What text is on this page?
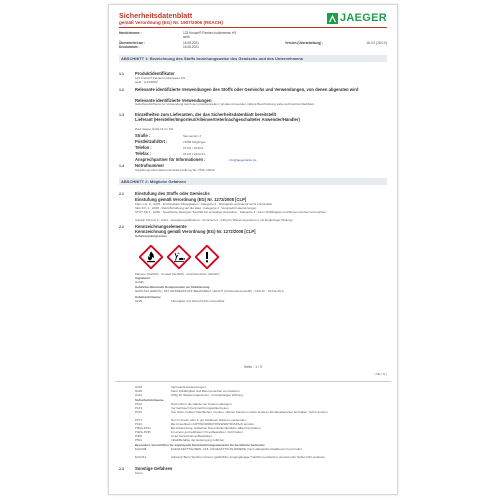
Sicherheitsdatenblatt
gemäß Verordnung (EG) Nr. 1907/2006 (REACH)	JAEGER
Handelsname :	123 Knowe® Flecken-Isolierweiss HS
weiß
Überarbeitet am :	16.08.2021	Version (Überarbeitung) :	16.0.0 (15.0.0)
Druckdatum :	16.08.2021
ABSCHNITT 1: Bezeichnung des Stoffs beziehungsweise des Gemischs und des Unternehmens
1.1	Produktidentifikator
123 Knowe® Flecken-Isolierweiss HS
weiß · (1234090)
1.2	Relevante identifizierte Verwendungen des Stoffs oder Gemischs und Verwendungen, von denen abgeraten wird
Relevante identifizierte Verwendungen
Isolierbeschichtung zur Verwendung durch den professionellen / privaten Anwender, nähere Beschreibung siehe technisches Merkblatt.
1.3	Einzelheiten zum Lieferanten, der das Sicherheitsdatenblatt bereitstellt
Lieferant (Hersteller/Importeur/Alleinvertreter/nachgeschalteter Anwender/Händler)
Paul Jaeger GmbH & Co KG
Straße :	Siemensstr. 6
Postleitzahl/Ort :	71696 Möglingen
Telefon :	07141 / 2444-0
Telefax :	07141 / 2444-44
Ansprechpartner für Informationen :	info@jaegerlacke.de
1.4	Notrufnummer
Vergiftungs-Informations-Zentrale Freiburg Tel. 0761/ 19240
ABSCHNITT 2: Mögliche Gefahren
2.1	Einstufung des Stoffs oder Gemischs
Einstufung gemäß Verordnung (EG) Nr. 1272/2008 [CLP]
Flam. Liq. 2 ; H225 - Entzündbare Flüssigkeiten : Kategorie 2 ; Flüssigkeit und Dampf leicht entzündbar.
Skin Irrit. 2 ; H315 - Reizt/Ätzwirkung auf die Haut : Kategorie 2 ; Verursacht Hautreizungen.
STOT SE 3 ; H336 - Spezifische Zielorgan-Toxizität bei einmaliger Exposition : Kategorie 3 ; Kann Schläfrigkeit und Benommenheit verursachen.
Aquatic Chronic 2 ; H411 - Gewässergefährdend : Chronisch 2 ; Giftig für Wasserorganismen, mit langfristiger Wirkung.
2.2	Kennzeichnungselemente
Kennzeichnung gemäß Verordnung (EG) Nr. 1272/2008 [CLP]
Gefahrenpiktogramme
Flamme (GHS02) · Umwelt (GHS09) · Ausrufezeichen (GHS07)
Signalwort
Gefahr
Gefahrbestimmende Komponenten zur Etikettierung
NAPHTHA (ERDÖL), MIT WASSERSTOFF BEHANDELT, LEICHT (Kohlenwasserstoffe) ; CAS-Nr. : 64742-49-0
Gefahrenhinweise
H225	Flüssigkeit und Dampf leicht entzündbar.
Seite : 1 / 9
( DE / D )
H315	Verursacht Hautreizungen.
H336	Kann Schläfrigkeit und Benommenheit verursachen.
H411	Giftig für Wasserorganismen, mit langfristiger Wirkung.
Sicherheitshinweise
P102	Darf nicht in die Hände von Kindern gelangen.
P103	Vor Gebrauch Kennzeichnungsetikett lesen.
P210	Von Hitze, heißen Oberflächen, Funken, offenen Flammen sowie anderen Zündquellenarten fernhalten. Nicht rauchen.
P271	Nur im Freien oder in gut belüfteten Räumen verwenden.
P312	Bei Unwohlsein GIFTINFORMATIONSZENTRUM/Arzt anrufen.
P302+P313	Bei Hautreizung: Ärztlichen Rat einholen/ärztliche Hilfe hinzuziehen.
P403+P235	An einem gut belüfteten Ort aufbewahren. Kühl halten.
P405	Unter Verschluss aufbewahren.
P501	Inhalt/Behälter der Entsorgung zuführen.
Besondere Vorschriften für ergänzende Kennzeichnungselemente für bestimmte Gemische
EUH208	Enthält FETTSÄUREN, C18, UNGESÄTTIGTE DIMERE. Kann allergische Reaktionen hervorrufen.
EUH211	Achtung! Beim Sprühen können gefährliche lungengängige Tröpfchen entstehen. Aerosol oder Nebel nicht einatmen.
2.3	Sonstige Gefahren
Keine
